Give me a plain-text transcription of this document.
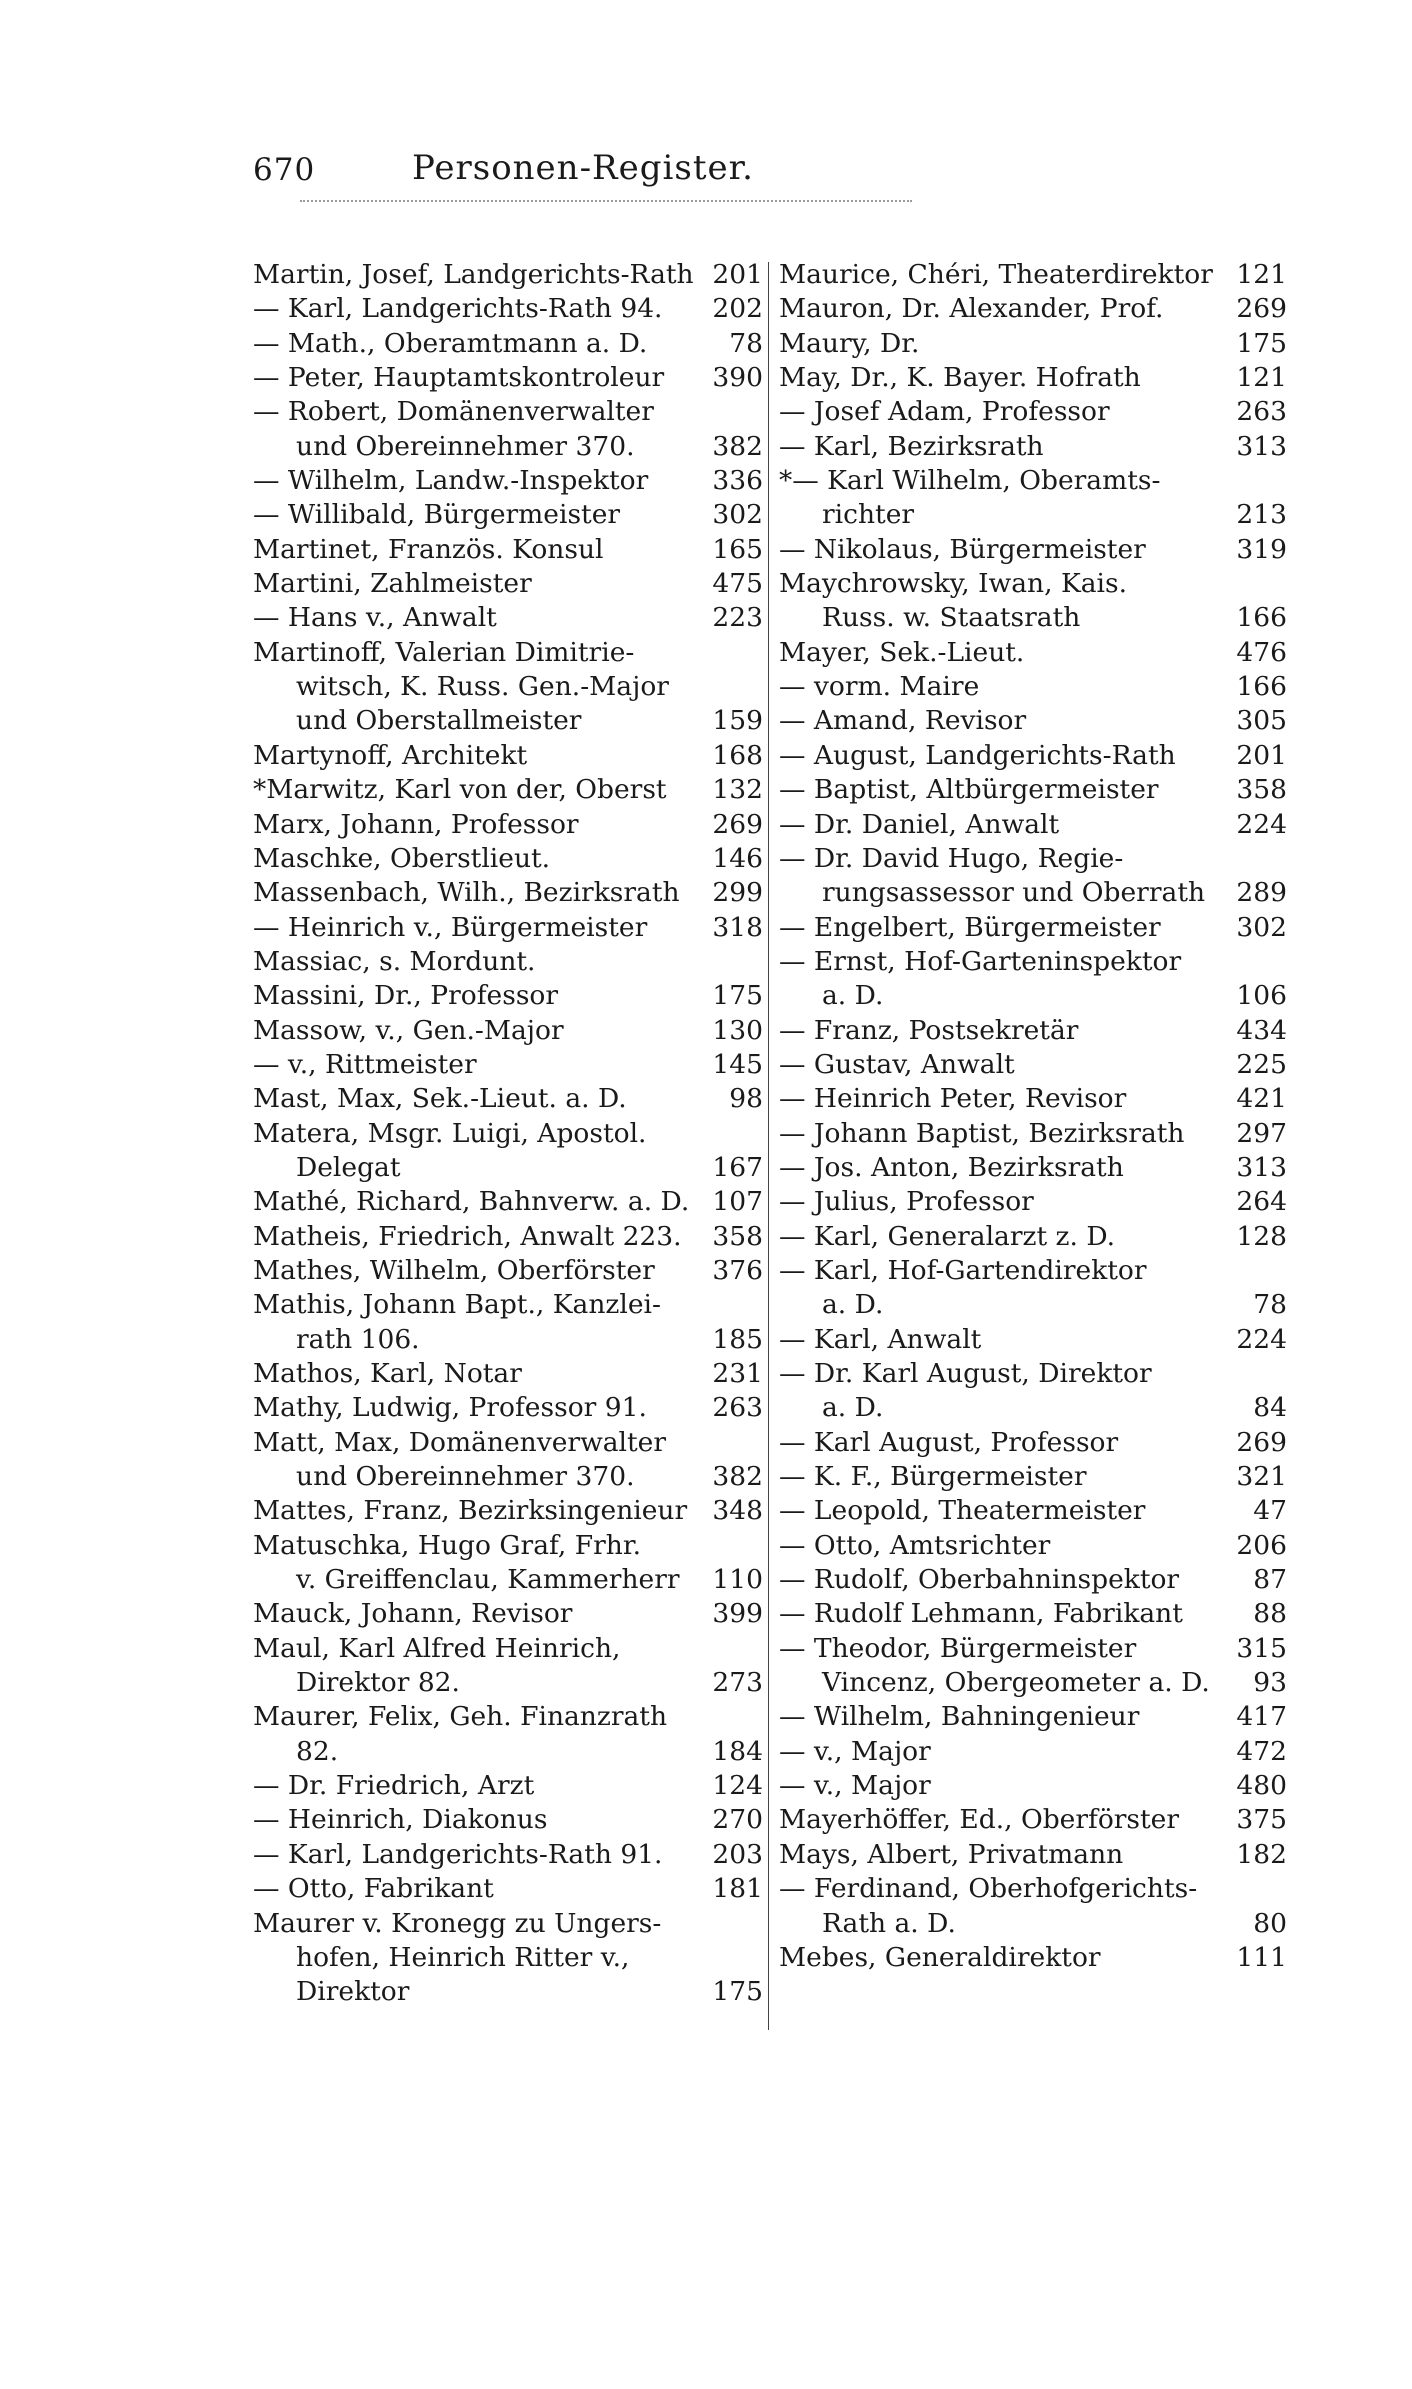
670	Personen-Register.
Martin, Josef, Landgerichts-Rath 201
— Karl, Landgerichts-Rath 94. 202
— Math., Oberamtmann a. D.	78
— Peter, Hauptamtskontroleur 390
— Robert, Domänenverwalter
und Obereinnehmer 370.	382
— Wilhelm, Landw.-Inspektor 336
— Willibald, Bürgermeister	302
Martinet, Französ. Konsul	165
Martini, Zahlmeister	475
— Hans v., Anwalt	223
Martinoff, Valerian Dimitrie-
witsch, K. Russ. Gen.-Major
und Oberstallmeister	159
Martynoff, Architekt	168
*Marwitz, Karl von der, Oberst 132
Marx, Johann, Professor	269
Maschke, Oberstlieut.	146
Massenbach, Wilh., Bezirksrath 299
— Heinrich v., Bürgermeister 318
Massiac, s. Mordunt.
Massini, Dr., Professor	175
Massow, v., Gen.-Major	130
— v., Rittmeister	145
Mast, Max, Sek.-Lieut. a. D.	98
Matera, Msgr. Luigi, Apostol.
Delegat	167
Mathé, Richard, Bahnverw. a. D. 107
Matheis, Friedrich, Anwalt 223. 358
Mathes, Wilhelm, Oberförster 376
Mathis, Johann Bapt., Kanzlei-
rath 106.	185
Mathos, Karl, Notar	231
Mathy, Ludwig, Professor 91. 263
Matt, Max, Domänenverwalter
und Obereinnehmer 370.	382
Mattes, Franz, Bezirksingenieur 348
Matuschka, Hugo Graf, Frhr.
v. Greiffenclau, Kammerherr 110
Mauck, Johann, Revisor	399
Maul, Karl Alfred Heinrich,
Direktor 82.	273
Maurer, Felix, Geh. Finanzrath
82.	184
— Dr. Friedrich, Arzt	124
— Heinrich, Diakonus	270
— Karl, Landgerichts-Rath 91. 203
— Otto, Fabrikant	181
Maurer v. Kronegg zu Ungers-
hofen, Heinrich Ritter v.,
Direktor	175
Maurice, Chéri, Theaterdirektor 121
Mauron, Dr. Alexander, Prof.	269
Maury, Dr.	175
May, Dr., K. Bayer. Hofrath	121
— Josef Adam, Professor	263
— Karl, Bezirksrath	313
*— Karl Wilhelm, Oberamts-
richter	213
— Nikolaus, Bürgermeister	319
Maychrowsky, Iwan, Kais.
Russ. w. Staatsrath	166
Mayer, Sek.-Lieut.	476
— vorm. Maire	166
— Amand, Revisor	305
— August, Landgerichts-Rath 201
— Baptist, Altbürgermeister	358
— Dr. Daniel, Anwalt	224
— Dr. David Hugo, Regie-
rungsassessor und Oberrath 289
— Engelbert, Bürgermeister	302
— Ernst, Hof-Garteninspektor
a. D.	106
— Franz, Postsekretär	434
— Gustav, Anwalt	225
— Heinrich Peter, Revisor	421
— Johann Baptist, Bezirksrath 297
— Jos. Anton, Bezirksrath	313
— Julius, Professor	264
— Karl, Generalarzt z. D.	128
— Karl, Hof-Gartendirektor
a. D.	78
— Karl, Anwalt	224
— Dr. Karl August, Direktor
a. D.	84
— Karl August, Professor	269
— K. F., Bürgermeister	321
— Leopold, Theatermeister	47
— Otto, Amtsrichter	206
— Rudolf, Oberbahninspektor	87
— Rudolf Lehmann, Fabrikant	88
— Theodor, Bürgermeister	315
Vincenz, Obergeometer a. D. 93
— Wilhelm, Bahningenieur	417
— v., Major	472
— v., Major	480
Mayerhöffer, Ed., Oberförster 375
Mays, Albert, Privatmann	182
— Ferdinand, Oberhofgerichts-
Rath a. D.	80
Mebes, Generaldirektor	111
